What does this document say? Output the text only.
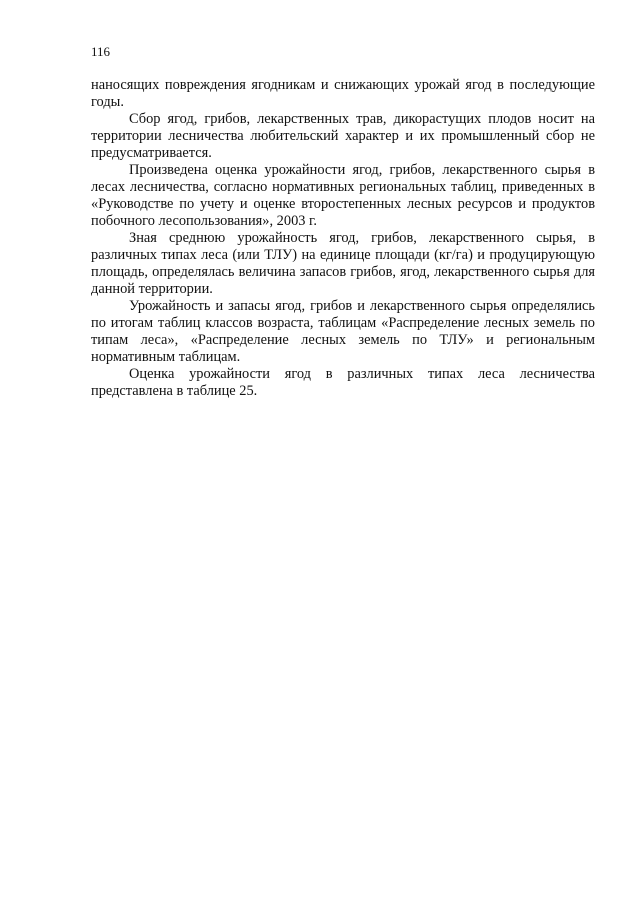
116

наносящих повреждения ягодникам и снижающих урожай ягод в последующие годы.

Сбор ягод, грибов, лекарственных трав, дикорастущих плодов носит на территории лесничества любительский характер и их промышленный сбор не предусматривается.

Произведена оценка урожайности ягод, грибов, лекарственного сырья в лесах лесничества, согласно нормативных региональных таблиц, приведенных в «Руководстве по учету и оценке второстепенных лесных ресурсов и продуктов побочного лесопользования», 2003 г.

Зная среднюю урожайность ягод, грибов, лекарственного сырья, в различных типах леса (или ТЛУ) на единице площади (кг/га) и продуцирующую площадь, определялась величина запасов грибов, ягод, лекарственного сырья для данной территории.

Урожайность и запасы ягод, грибов и лекарственного сырья определялись по итогам таблиц классов возраста, таблицам «Распределение лесных земель по типам леса», «Распределение лесных земель по ТЛУ» и региональным нормативным таблицам.

Оценка урожайности ягод в различных типах леса лесничества представлена в таблице 25.
